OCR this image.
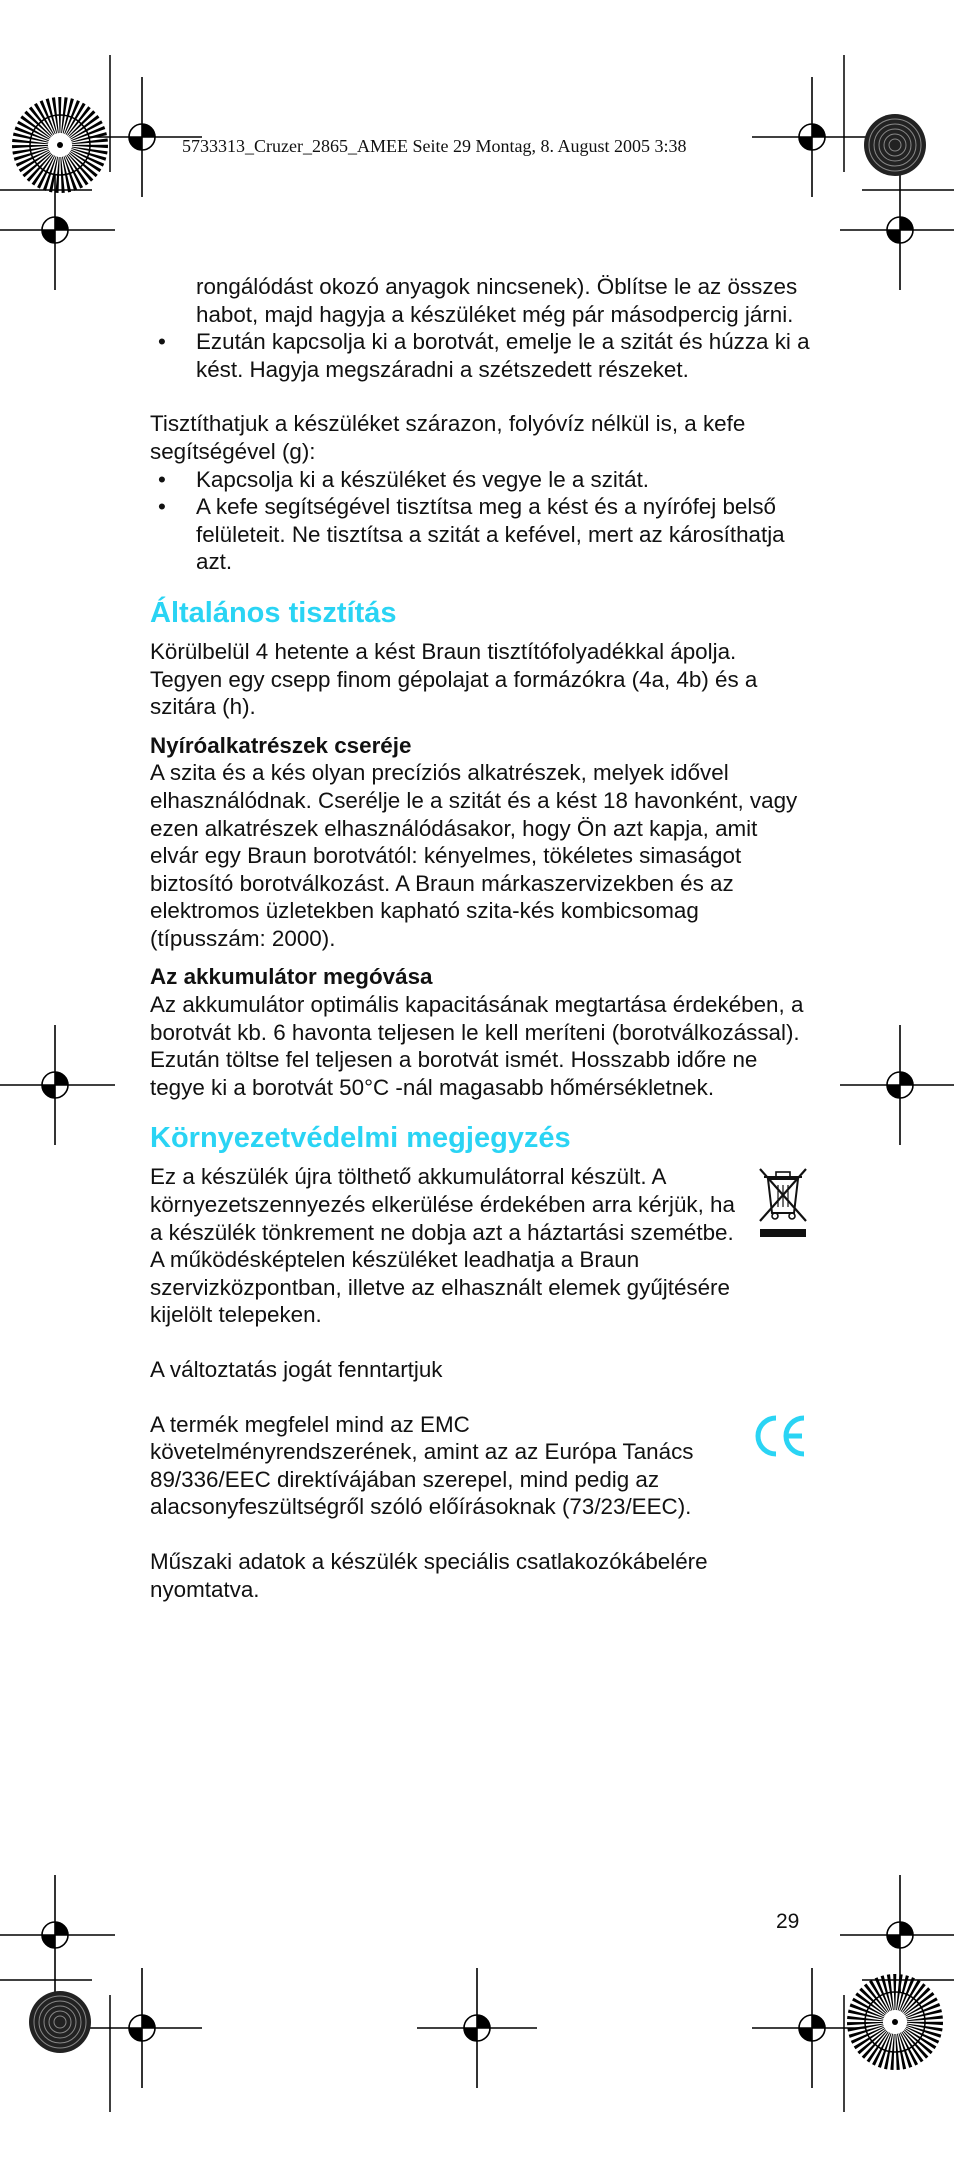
5733313_Cruzer_2865_AMEE Seite 29 Montag, 8. August 2005 3:38

rongálódást okozó anyagok nincsenek). Öblítse le az összes habot, majd hagyja a készüléket még pár másodpercig járni.

• Ezután kapcsolja ki a borotvát, emelje le a szitát és húzza ki a kést. Hagyja megszáradni a szétszedett részeket.

Tisztíthatjuk a készüléket szárazon, folyóvíz nélkül is, a kefe segítségével (g):

• Kapcsolja ki a készüléket és vegye le a szitát.
• A kefe segítségével tisztítsa meg a kést és a nyírófej belső felületeit. Ne tisztítsa a szitát a kefével, mert az károsíthatja azt.
Általános tisztítás

Körülbelül 4 hetente a kést Braun tisztítófolyadékkal ápolja. Tegyen egy csepp finom gépolajat a formázókra (4a, 4b) és a szitára (h).

Nyíróalkatrészek cseréje

A szita és a kés olyan precíziós alkatrészek, melyek idővel elhasználódnak. Cserélje le a szitát és a kést 18 havonként, vagy ezen alkatrészek elhasználódásakor, hogy Ön azt kapja, amit elvár egy Braun borotvától: kényelmes, tökéletes simaságot biztosító borotválkozást. A Braun márkaszervizekben és az elektromos üzletekben kapható szita-kés kombicsomag (típusszám: 2000).

Az akkumulátor megóvása

Az akkumulátor optimális kapacitásának megtartása érdekében, a borotvát kb. 6 havonta teljesen le kell meríteni (borotválkozással). Ezután töltse fel teljesen a borotvát ismét. Hosszabb időre ne tegye ki a borotvát 50°C -nál magasabb hőmérsékletnek.

Környezetvédelmi megjegyzés

Ez a készülék újra tölthető akkumulátorral készült. A környezetszennyezés elkerülése érdekében arra kérjük, ha a készülék tönkrement ne dobja azt a háztartási szemétbe. A működésképtelen készüléket leadhatja a Braun szervizközpontban, illetve az elhasznált elemek gyűjtésére kijelölt telepeken.

A változtatás jogát fenntartjuk

A termék megfelel mind az EMC követelményrendszerének, amint az az Európa Tanács 89/336/EEC direktívájában szerepel, mind pedig az alacsonyfeszültségről szóló előírásoknak (73/23/EEC).

Műszaki adatok a készülék speciális csatlakozókábelére nyomtatva.

29
